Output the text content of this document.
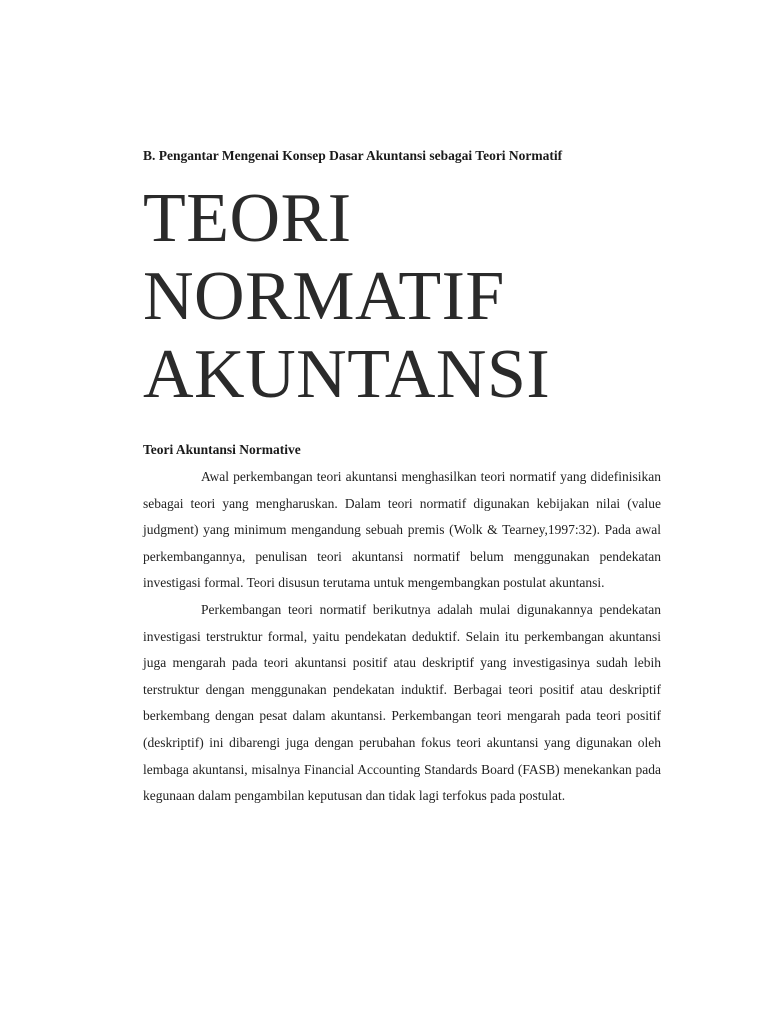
B. Pengantar Mengenai Konsep Dasar Akuntansi sebagai Teori Normatif

TEORI
NORMATIF
AKUNTANSI

Teori Akuntansi Normative

Awal perkembangan teori akuntansi menghasilkan teori normatif yang didefinisikan sebagai teori yang mengharuskan. Dalam teori normatif digunakan kebijakan nilai (value judgment) yang minimum mengandung sebuah premis (Wolk & Tearney,1997:32). Pada awal perkembangannya, penulisan teori akuntansi normatif belum menggunakan pendekatan investigasi formal. Teori disusun terutama untuk mengembangkan postulat akuntansi.

Perkembangan teori normatif berikutnya adalah mulai digunakannya pendekatan investigasi terstruktur formal, yaitu pendekatan deduktif. Selain itu perkembangan akuntansi juga mengarah pada teori akuntansi positif atau deskriptif yang investigasinya sudah lebih terstruktur dengan menggunakan pendekatan induktif. Berbagai teori positif atau deskriptif berkembang dengan pesat dalam akuntansi. Perkembangan teori mengarah pada teori positif (deskriptif) ini dibarengi juga dengan perubahan fokus teori akuntansi yang digunakan oleh lembaga akuntansi, misalnya Financial Accounting Standards Board (FASB) menekankan pada kegunaan dalam pengambilan keputusan dan tidak lagi terfokus pada postulat.
